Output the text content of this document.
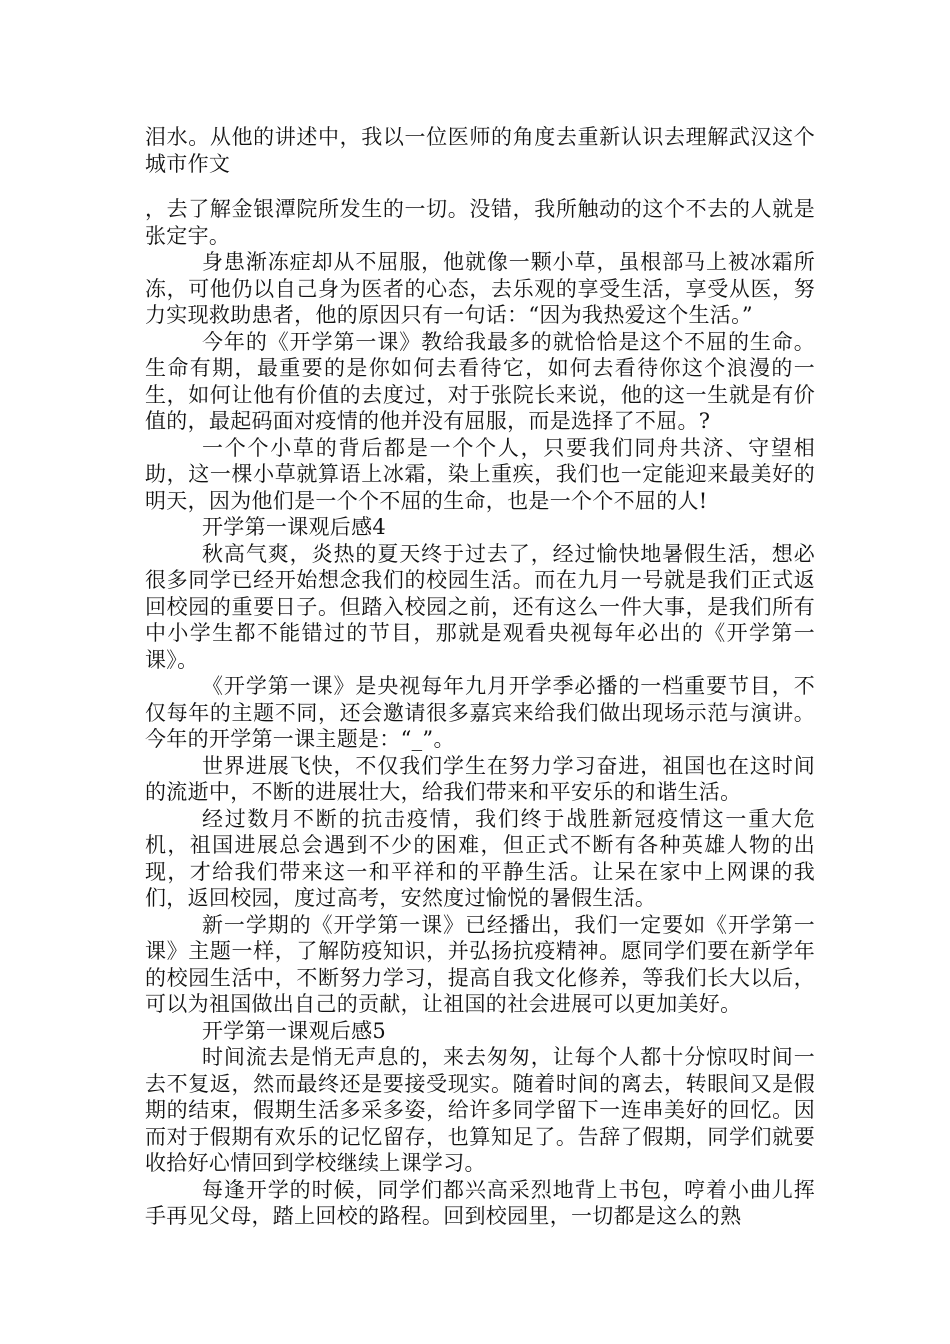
泪水。从他的讲述中，我以一位医师的角度去重新认识去理解武汉这个城市作文

，去了解金银潭院所发生的一切。没错，我所触动的这个不去的人就是张定宇。

身患渐冻症却从不屈服，他就像一颗小草，虽根部马上被冰霜所冻，可他仍以自己身为医者的心态，去乐观的享受生活，享受从医，努力实现救助患者，他的原因只有一句话：“因为我热爱这个生活。”

今年的《开学第一课》教给我最多的就恰恰是这个不屈的生命。生命有期，最重要的是你如何去看待它，如何去看待你这个浪漫的一生，如何让他有价值的去度过，对于张院长来说，他的这一生就是有价值的，最起码面对疫情的他并没有屈服，而是选择了不屈。?

一个个小草的背后都是一个个人，只要我们同舟共济、守望相助，这一棵小草就算语上冰霜，染上重疾，我们也一定能迎来最美好的明天，因为他们是一个个不屈的生命，也是一个个不屈的人!

开学第一课观后感4

秋高气爽，炎热的夏天终于过去了，经过愉快地暑假生活，想必很多同学已经开始想念我们的校园生活。而在九月一号就是我们正式返回校园的重要日子。但踏入校园之前，还有这么一件大事，是我们所有中小学生都不能错过的节目，那就是观看央视每年必出的《开学第一课》。

《开学第一课》是央视每年九月开学季必播的一档重要节目，不仅每年的主题不同，还会邀请很多嘉宾来给我们做出现场示范与演讲。今年的开学第一课主题是：“_”。

世界进展飞快，不仅我们学生在努力学习奋进，祖国也在这时间的流逝中，不断的进展壮大，给我们带来和平安乐的和谐生活。

经过数月不断的抗击疫情，我们终于战胜新冠疫情这一重大危机，祖国进展总会遇到不少的困难，但正式不断有各种英雄人物的出现，才给我们带来这一和平祥和的平静生活。让呆在家中上网课的我们，返回校园，度过高考，安然度过愉悦的暑假生活。

新一学期的《开学第一课》已经播出，我们一定要如《开学第一课》主题一样，了解防疫知识，并弘扬抗疫精神。愿同学们要在新学年的校园生活中，不断努力学习，提高自我文化修养，等我们长大以后，可以为祖国做出自己的贡献，让祖国的社会进展可以更加美好。

开学第一课观后感5

时间流去是悄无声息的，来去匆匆，让每个人都十分惊叹时间一去不复返，然而最终还是要接受现实。随着时间的离去，转眼间又是假期的结束，假期生活多采多姿，给许多同学留下一连串美好的回忆。因而对于假期有欢乐的记忆留存，也算知足了。告辞了假期，同学们就要收拾好心情回到学校继续上课学习。

每逢开学的时候，同学们都兴高采烈地背上书包，哼着小曲儿挥手再见父母，踏上回校的路程。回到校园里，一切都是这么的熟
